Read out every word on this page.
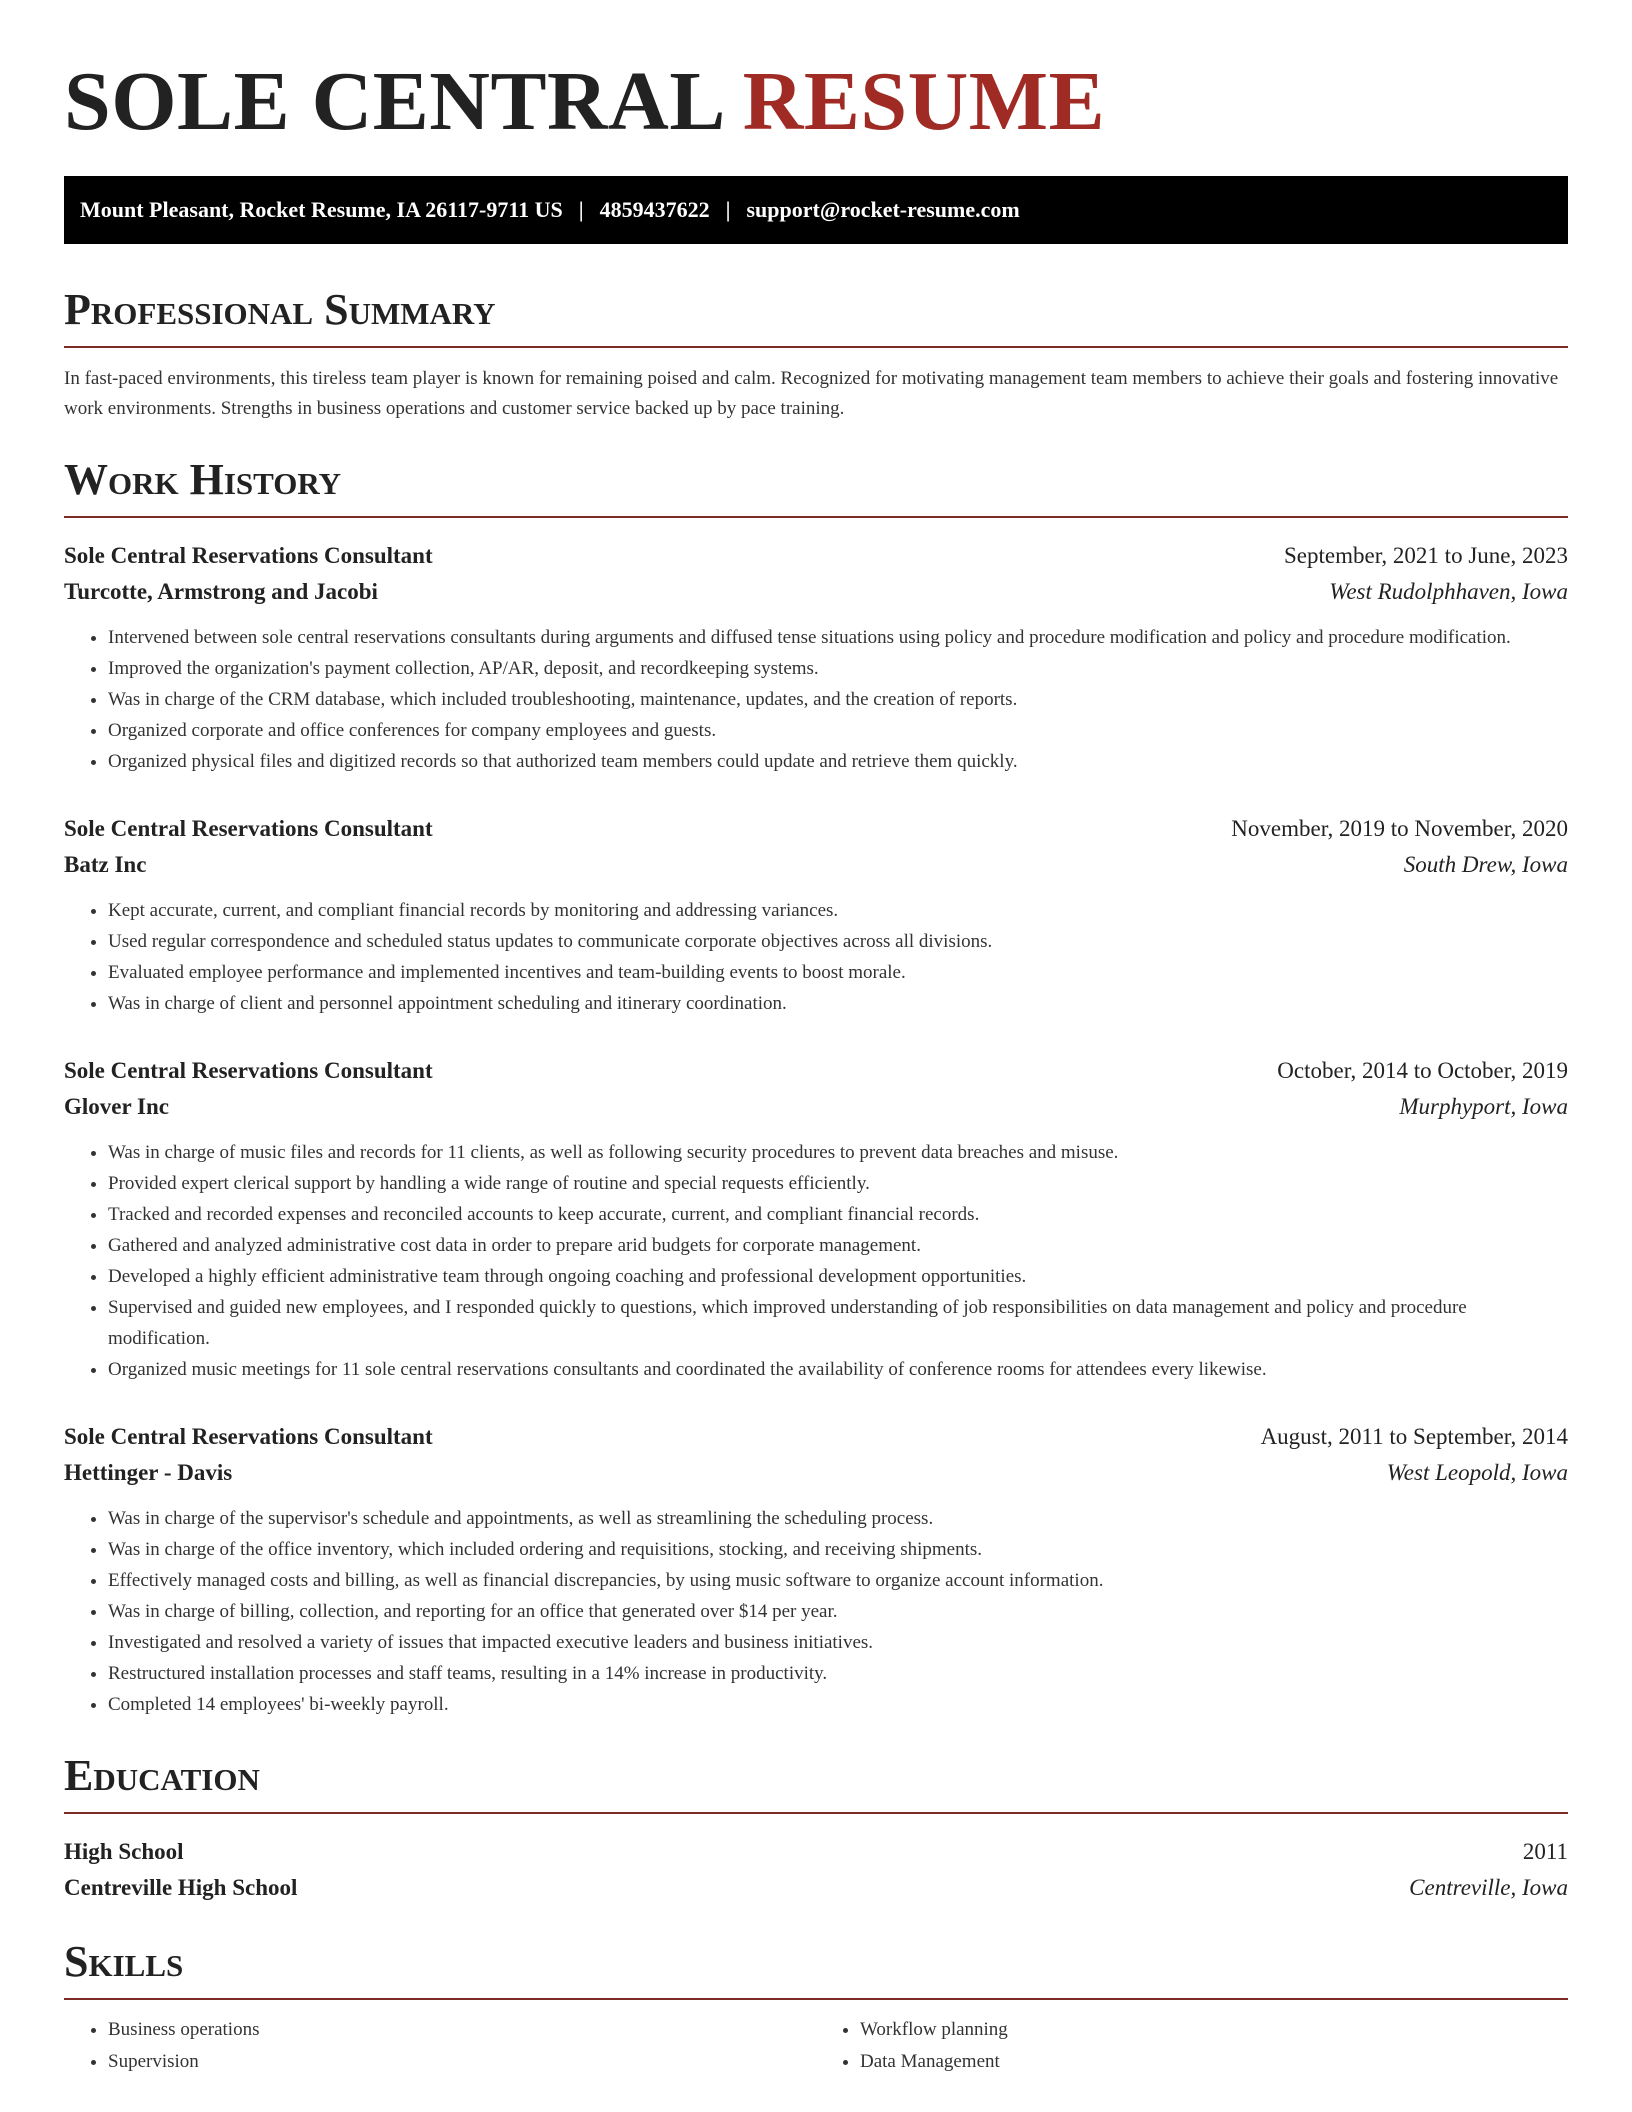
SOLE CENTRAL RESUME
Mount Pleasant, Rocket Resume, IA 26117-9711 US | 4859437622 | support@rocket-resume.com
Professional Summary

In fast-paced environments, this tireless team player is known for remaining poised and calm. Recognized for motivating management team members to achieve their goals and fostering innovative work environments. Strengths in business operations and customer service backed up by pace training.

Work History
Sole Central Reservations Consultant	September, 2021 to June, 2023
Turcotte, Armstrong and Jacobi	West Rudolphhaven, Iowa
• Intervened between sole central reservations consultants during arguments and diffused tense situations using policy and procedure modification and policy and procedure modification.
• Improved the organization's payment collection, AP/AR, deposit, and recordkeeping systems.
• Was in charge of the CRM database, which included troubleshooting, maintenance, updates, and the creation of reports.
• Organized corporate and office conferences for company employees and guests.
• Organized physical files and digitized records so that authorized team members could update and retrieve them quickly.
Sole Central Reservations Consultant	November, 2019 to November, 2020
Batz Inc	South Drew, Iowa
• Kept accurate, current, and compliant financial records by monitoring and addressing variances.
• Used regular correspondence and scheduled status updates to communicate corporate objectives across all divisions.
• Evaluated employee performance and implemented incentives and team-building events to boost morale.
• Was in charge of client and personnel appointment scheduling and itinerary coordination.
Sole Central Reservations Consultant	October, 2014 to October, 2019
Glover Inc	Murphyport, Iowa
• Was in charge of music files and records for 11 clients, as well as following security procedures to prevent data breaches and misuse.
• Provided expert clerical support by handling a wide range of routine and special requests efficiently.
• Tracked and recorded expenses and reconciled accounts to keep accurate, current, and compliant financial records.
• Gathered and analyzed administrative cost data in order to prepare arid budgets for corporate management.
• Developed a highly efficient administrative team through ongoing coaching and professional development opportunities.
• Supervised and guided new employees, and I responded quickly to questions, which improved understanding of job responsibilities on data management and policy and procedure modification.
• Organized music meetings for 11 sole central reservations consultants and coordinated the availability of conference rooms for attendees every likewise.
Sole Central Reservations Consultant	August, 2011 to September, 2014
Hettinger - Davis	West Leopold, Iowa
• Was in charge of the supervisor's schedule and appointments, as well as streamlining the scheduling process.
• Was in charge of the office inventory, which included ordering and requisitions, stocking, and receiving shipments.
• Effectively managed costs and billing, as well as financial discrepancies, by using music software to organize account information.
• Was in charge of billing, collection, and reporting for an office that generated over $14 per year.
• Investigated and resolved a variety of issues that impacted executive leaders and business initiatives.
• Restructured installation processes and staff teams, resulting in a 14% increase in productivity.
• Completed 14 employees' bi-weekly payroll.
Education
High School	2011
Centreville High School	Centreville, Iowa
Skills
• Business operations
• Supervision
• Workflow planning
• Data Management
